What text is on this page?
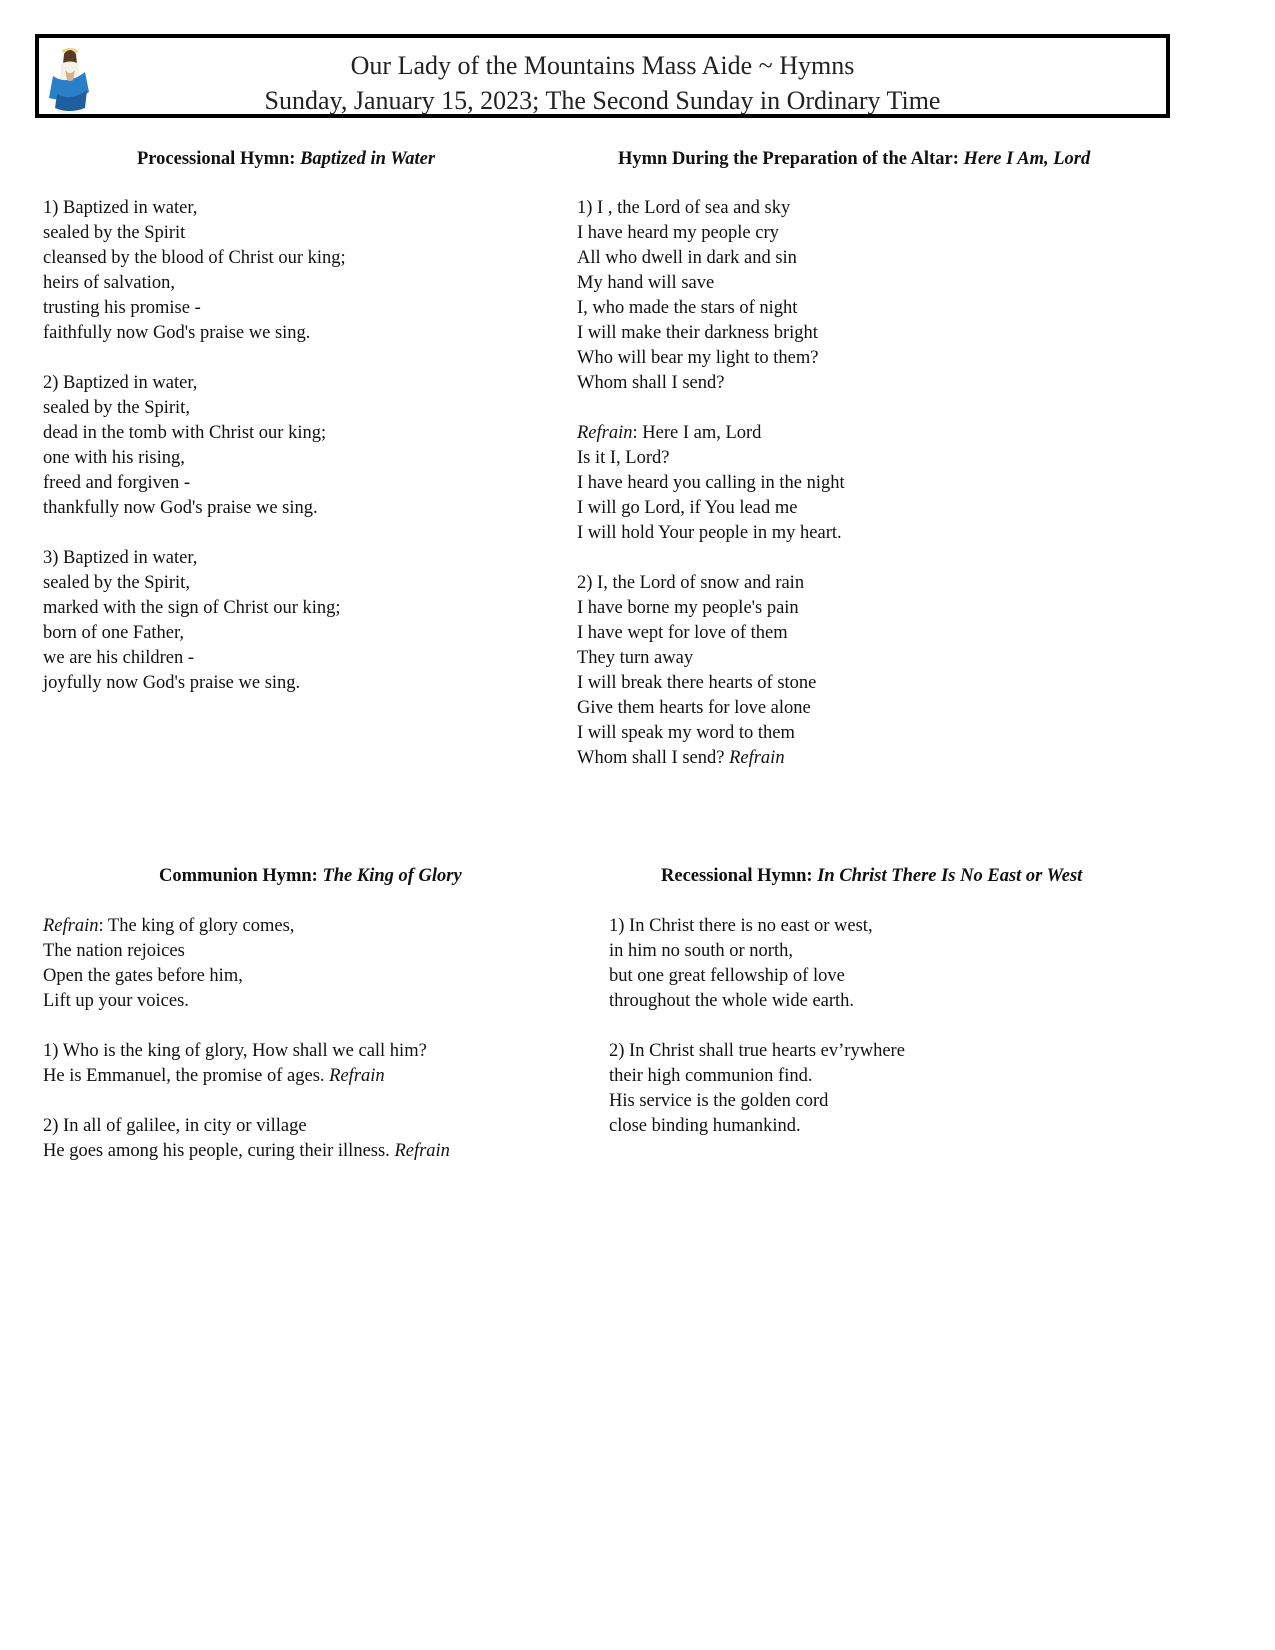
Our Lady of the Mountains Mass Aide ~ Hymns
Sunday, January 15, 2023; The Second Sunday in Ordinary Time
Processional Hymn: Baptized in Water
1) Baptized in water,
sealed by the Spirit
cleansed by the blood of Christ our king;
heirs of salvation,
trusting his promise -
faithfully now God's praise we sing.
2) Baptized in water,
sealed by the Spirit,
dead in the tomb with Christ our king;
one with his rising,
freed and forgiven -
thankfully now God's praise we sing.
3) Baptized in water,
sealed by the Spirit,
marked with the sign of Christ our king;
born of one Father,
we are his children -
joyfully now God's praise we sing.
Hymn During the Preparation of the Altar: Here I Am, Lord
1) I , the Lord of sea and sky
I have heard my people cry
All who dwell in dark and sin
My hand will save
I, who made the stars of night
I will make their darkness bright
Who will bear my light to them?
Whom shall I send?
Refrain: Here I am, Lord
Is it I, Lord?
I have heard you calling in the night
I will go Lord, if You lead me
I will hold Your people in my heart.
2) I, the Lord of snow and rain
I have borne my people's pain
I have wept for love of them
They turn away
I will break there hearts of stone
Give them hearts for love alone
I will speak my word to them
Whom shall I send? Refrain
Communion Hymn: The King of Glory
Refrain: The king of glory comes,
The nation rejoices
Open the gates before him,
Lift up your voices.
1) Who is the king of glory, How shall we call him?
He is Emmanuel, the promise of ages. Refrain
2) In all of galilee, in city or village
He goes among his people, curing their illness. Refrain
Recessional Hymn: In Christ There Is No East or West
1) In Christ there is no east or west,
in him no south or north,
but one great fellowship of love
throughout the whole wide earth.
2) In Christ shall true hearts ev’rywhere
their high communion find.
His service is the golden cord
close binding humankind.
